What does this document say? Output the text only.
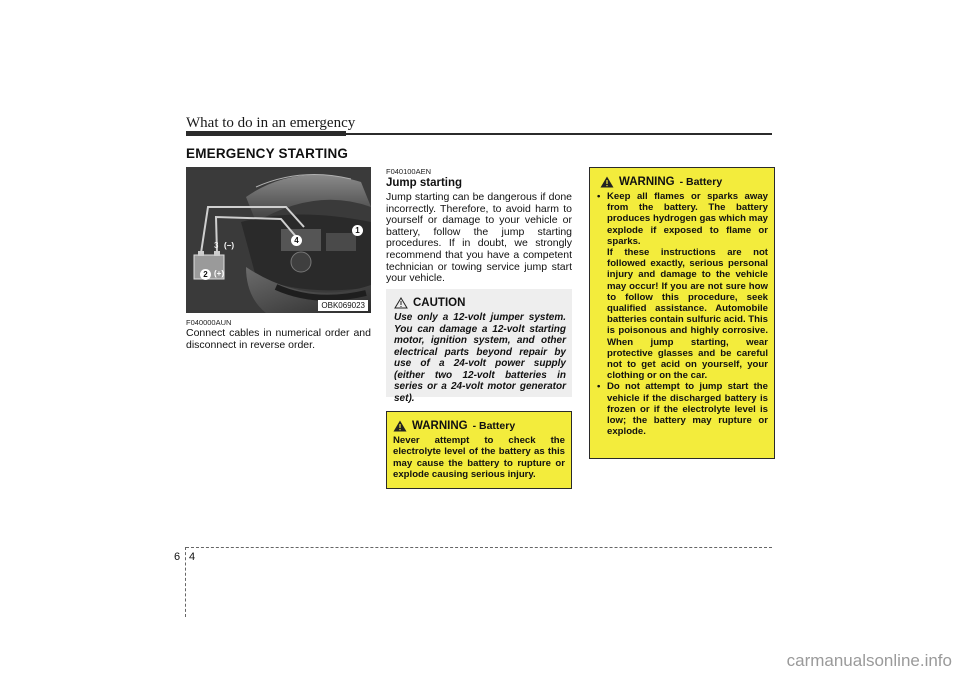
What to do in an emergency
EMERGENCY STARTING
1
4
3 (−)
2 (+)
OBK069023
F040000AUN
Connect cables in numerical order and disconnect in reverse order.
F040100AEN
Jump starting
Jump starting can be dangerous if done incorrectly. Therefore, to avoid harm to yourself or damage to your vehicle or battery, follow the jump starting procedures. If in doubt, we strongly recommend that you have a competent technician or towing service jump start your vehicle.
CAUTION
Use only a 12-volt jumper system. You can damage a 12-volt starting motor, ignition system, and other electrical parts beyond repair by use of a 24-volt power supply (either two 12-volt batteries in series or a 24-volt motor generator set).
WARNING - Battery
Never attempt to check the electrolyte level of the battery as this may cause the battery to rupture or explode causing serious injury.
WARNING - Battery
• Keep all flames or sparks away from the battery. The battery produces hydrogen gas which may explode if exposed to flame or sparks.

If these instructions are not followed exactly, serious personal injury and damage to the vehicle may occur! If you are not sure how to follow this procedure, seek qualified assistance. Automobile batteries contain sulfuric acid. This is poisonous and highly corrosive. When jump starting, wear protective glasses and be careful not to get acid on yourself, your clothing or on the car.

• Do not attempt to jump start the vehicle if the discharged battery is frozen or if the electrolyte level is low; the battery may rupture or explode.

6 4
carmanualsonline.info
